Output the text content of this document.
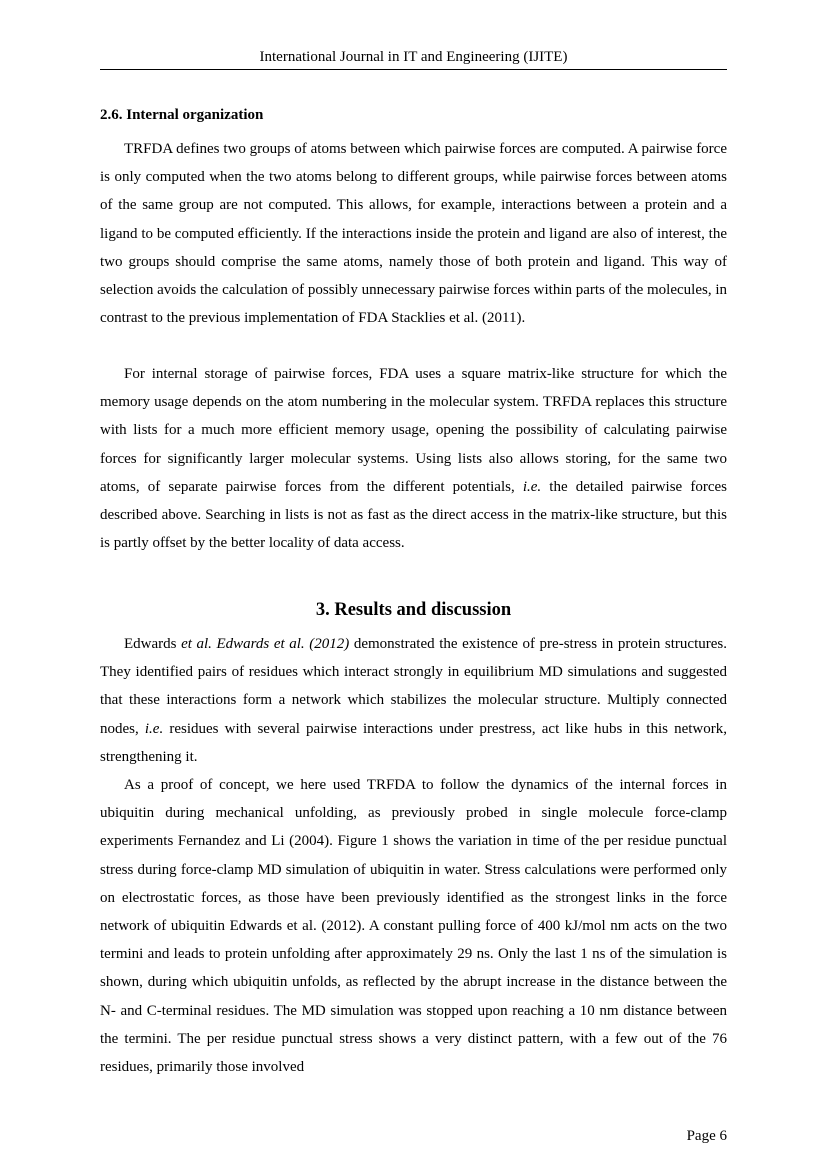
International Journal in IT and Engineering (IJITE)
2.6. Internal organization

TRFDA defines two groups of atoms between which pairwise forces are computed. A pairwise force is only computed when the two atoms belong to different groups, while pairwise forces between atoms of the same group are not computed. This allows, for example, interactions between a protein and a ligand to be computed efficiently. If the interactions inside the protein and ligand are also of interest, the two groups should comprise the same atoms, namely those of both protein and ligand. This way of selection avoids the calculation of possibly unnecessary pairwise forces within parts of the molecules, in contrast to the previous implementation of FDA Stacklies et al. (2011).

For internal storage of pairwise forces, FDA uses a square matrix-like structure for which the memory usage depends on the atom numbering in the molecular system. TRFDA replaces this structure with lists for a much more efficient memory usage, opening the possibility of calculating pairwise forces for significantly larger molecular systems. Using lists also allows storing, for the same two atoms, of separate pairwise forces from the different potentials, i.e. the detailed pairwise forces described above. Searching in lists is not as fast as the direct access in the matrix-like structure, but this is partly offset by the better locality of data access.

3. Results and discussion

Edwards et al. Edwards et al. (2012) demonstrated the existence of pre-stress in protein structures. They identified pairs of residues which interact strongly in equilibrium MD simulations and suggested that these interactions form a network which stabilizes the molecular structure. Multiply connected nodes, i.e. residues with several pairwise interactions under prestress, act like hubs in this network, strengthening it.

As a proof of concept, we here used TRFDA to follow the dynamics of the internal forces in ubiquitin during mechanical unfolding, as previously probed in single molecule force-clamp experiments Fernandez and Li (2004). Figure 1 shows the variation in time of the per residue punctual stress during force-clamp MD simulation of ubiquitin in water. Stress calculations were performed only on electrostatic forces, as those have been previously identified as the strongest links in the force network of ubiquitin Edwards et al. (2012). A constant pulling force of 400 kJ/mol nm acts on the two termini and leads to protein unfolding after approximately 29 ns. Only the last 1 ns of the simulation is shown, during which ubiquitin unfolds, as reflected by the abrupt increase in the distance between the N- and C-terminal residues. The MD simulation was stopped upon reaching a 10 nm distance between the termini. The per residue punctual stress shows a very distinct pattern, with a few out of the 76 residues, primarily those involved

Page 6
